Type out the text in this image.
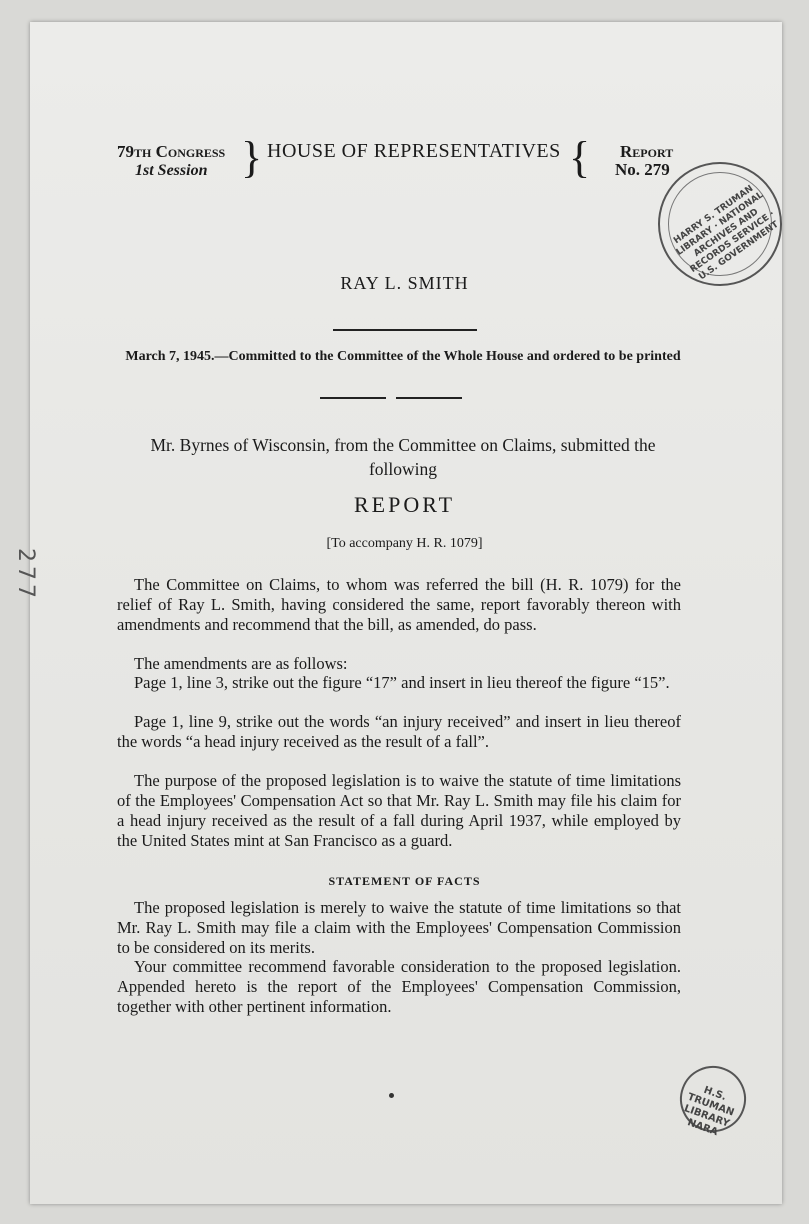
79th Congress
1st Session } HOUSE OF REPRESENTATIVES { Report
No. 279
RAY L. SMITH
March 7, 1945.—Committed to the Committee of the Whole House and ordered to be printed
Mr. Byrnes of Wisconsin, from the Committee on Claims, submitted the following
REPORT
[To accompany H. R. 1079]

The Committee on Claims, to whom was referred the bill (H. R. 1079) for the relief of Ray L. Smith, having considered the same, report favorably thereon with amendments and recommend that the bill, as amended, do pass.

The amendments are as follows:

Page 1, line 3, strike out the figure “17” and insert in lieu thereof the figure “15”.

Page 1, line 9, strike out the words “an injury received” and insert in lieu thereof the words “a head injury received as the result of a fall”.

The purpose of the proposed legislation is to waive the statute of time limitations of the Employees' Compensation Act so that Mr. Ray L. Smith may file his claim for a head injury received as the result of a fall during April 1937, while employed by the United States mint at San Francisco as a guard.

STATEMENT OF FACTS

The proposed legislation is merely to waive the statute of time limitations so that Mr. Ray L. Smith may file a claim with the Employees' Compensation Commission to be considered on its merits.

Your committee recommend favorable consideration to the proposed legislation. Appended hereto is the report of the Employees' Compensation Commission, together with other pertinent information.

277
HARRY S. TRUMAN LIBRARY · NATIONAL ARCHIVES AND RECORDS SERVICE · U.S. GOVERNMENT
H.S. TRUMAN LIBRARY NARA
